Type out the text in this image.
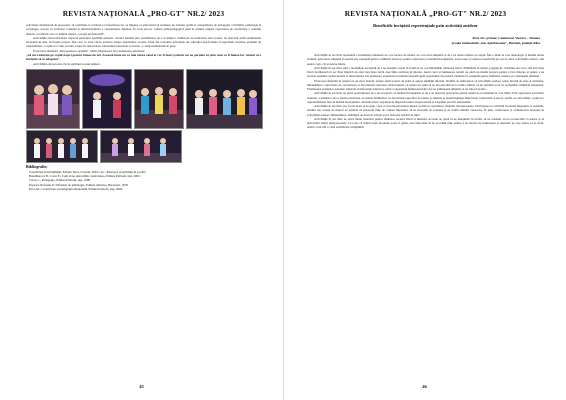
REVISTA NAȚIONALĂ „PRO-GT" NR.2/ 2023

activitatea desfășurată de preșcolari, să contribuie la formarea și informarea lor, se impune ca educatorul să realizeze un transfer optim al cunoștințelor de pedagogie a învățării, psihologie și sociologie, asociat cu formarea continuă și interdisciplinară a cunoștințelor deținute. În acest proces, cultura psihopedagogică pusă în acțiune asigură capacitatea de creativitate a cadrului didactic și reflectă ceea ce numim adesea „vocație profesională".

Activitățile extracurriculare respectă principiul egalității șanselor, oferind fiecărui elev posibilitatea de a se implica, indiferent de rezultatele sale școlare. Se dezvoltă astfel sentimentul încrederii în sine, în forțele proprii, fapt care va avea efecte pozitive asupra rezultatelor școlare. Unul din scopurile principale ale educației non-formale îl reprezintă creșterea gradului de adaptabilitate a copiilor la viața socială, respectiv dezvoltarea autonomiei personale și sociale, a comportamentului în grup.

În lucrarea intitulată „Descoperirea copilului", Maria Montessori face următoarea afirmație:

„Să nu-i educăm pe copiii noștri pentru lumea de azi. Această lume nu va mai exista când ei vor fi mari și nimic nu ne permite să știm cum va fi lumea lor. Atunci să-i învățăm să se adapteze".

Activitățile extrașcolare vin în sprijinul acestui demers.

Bibliografie:

Creativitate în învățământ, Editura Terra, Focșani, 2004, cap. „Educarea creativității în școală".

Boudiberova B., Carre E., Cum să ne dezvoltăm creativitatea, Editura Polirom, Iași, 2002.

Cucoș C., Pedagogie, Editura Polirom, Iași, 1998.

Popescu Neveanu P., Dicționar de psihologie, Editura Albatros, București, 1978.

Roco M., Creativitate și inteligență emoțională, Editura Polirom, Iași, 2004.

45
REVISTA NAȚIONALĂ „PRO-GT" NR.2/ 2023
Beneficiile învățării experiențiale prin activități outdoor

Prof. înv. primar, Cominescu Viorica – Simona

Școala Gimnazială „Ion Agârbiceanu", Bucium, județul Alba

Activitățile în aer liber reprezintă o modalitate minunată de a ne bucura de natură, de a ne trezi simțurile și de a ne relaxa mintea și corpul. Într-o lume în care tehnologia și mediul urban domină, petrecerea timpului în natură este esențială pentru echilibrul nostru și pentru conectarea cu mediul înconjurător. Acest eseu va explora beneficiile pe care le aduc activitățile outdoor, atât pentru corp, cât și pentru minte.

Activitățile în aer liber sunt o modalitate excelentă de a ne menține corpul în formă și de a-și îmbunătăți sănătatea fizică. Plimbările în natură, jogging-ul, ciclismul sau orice altă activitate fizică desfășurată în aer liber implică un efort mai mare decât exercițiile realizate în interior. Aerul curat și frumusețea naturii ne oferă un mediu propice pentru a face mișcare și pentru a ne antrena sistemul cardiovascular și musculatura. De asemenea, expunerea la lumina naturală ajută organismul să producă vitamina D, esențială pentru sănătatea oaselor și a sistemului imunitar.

Petrecerea timpului în natură are un efect benefic asupra stării noastre de spirit și asupra sănătății mintale. Studiile au demonstrat că activitățile outdoor reduc nivelul de stres și anxietate, îmbunătățesc capacitatea de concentrare și favorizează relaxarea. Interacțiunea cu natura ne ajută să ne deconectăm de la rutina zilnică, să ne relaxăm și să ne recăpătăm echilibrul emoțional. Frumusețea peisajelor naturale, sunetele și mirosurile naturii ne oferă o experiență multisenzorială care ne stimulează simțurile și ne aduce bucurie.

Activitățile în aer liber ne oferă oportunitatea de a ne reconecta cu mediul înconjurător și de a ne dezvolta aprecierea pentru natură și ecosistemul în care trăim. Prin explorarea parcurilor naturale, a pădurilor sau a zonelor montane, ne putem familiariza cu diversitatea speciilor de plante și animale și putem înțelege importanța conservării acestora. Astfel, ne dezvoltăm o grijă și o responsabilitate față de mediul înconjurător, devenind mai conștienți de impactul nostru asupra naturii și adoptând practici sustenabile.

Activitățile în aer liber pot fi practicate și în grup, ceea ce favorizează interacțiunea socială și construirea relațiilor interpersonale. Participarea la activități în natură împreună cu prietenii, familia sau colegii de muncă ne permite să petrecem timp de calitate împreună, să ne bucurăm de aventuri și să creăm amintiri valoroase. În plus, colaborarea și comunicarea necesare în activitățile outdoor îmbunătățesc abilitățile de lucru în echipă și pot dezvolta spiritul de lider.

Activitățile în aer liber ne oferă multe beneficii pentru sănătatea noastră fizică și mentală. Accesul ne ajută să ne menținem în formă, să ne relaxăm, să ne reconectăm cu natura și să dezvoltăm relații interpersonale. Cu toate că ritmul vieții moderne poate fi agitat, este important să ne acordăm timp pentru a ne bucura de frumusețea și resursele pe care natura ni le oferă. Astfel, vom trăi o viață echilibrată și împlinită.

46
